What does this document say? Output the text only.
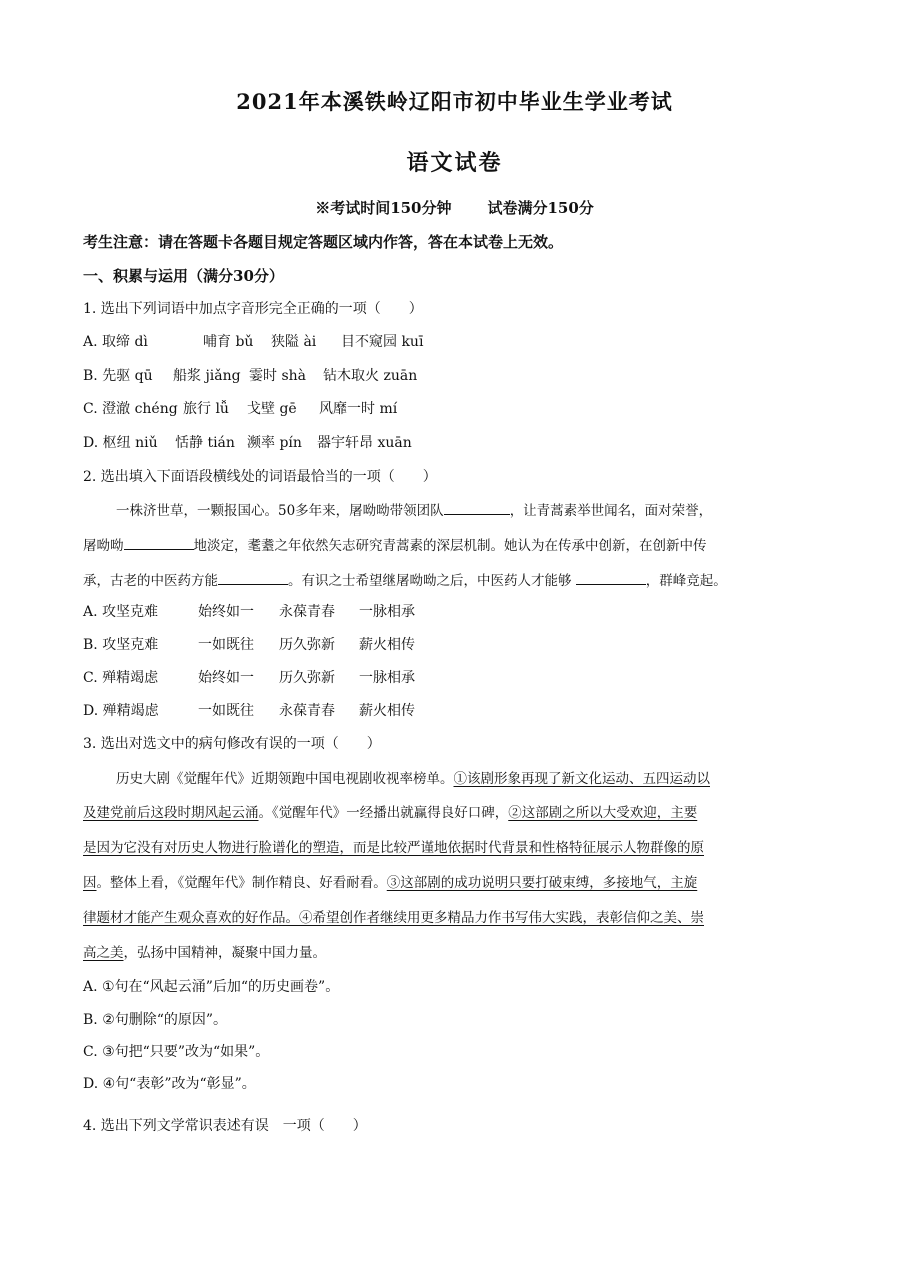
2021年本溪铁岭辽阳市初中毕业生学业考试
语文试卷
※考试时间150分钟 试卷满分150分
考生注意：请在答题卡各题目规定答题区域内作答，答在本试卷上无效。
一、积累与运用（满分30分）
1. 选出下列词语中加点字音形完全正确的一项（　　）
A. 取缔 dì	哺育 bǔ 狭隘 ài 目不窥园 kuī
B. 先驱 qū 船浆 jiǎng 霎时 shà 钻木取火 zuān
C. 澄澈 chéng 旅行 lǚ 戈壁 gē 风靡一时 mí
D. 枢纽 niǔ 恬静 tián 濒率 pín 器宇轩昂 xuān
2. 选出填入下面语段横线处的词语最恰当的一项（　　）
一株济世草，一颗报国心。50多年来，屠呦呦带领团队	，让青蒿素举世闻名，面对荣誉，
屠呦呦	地淡定，耄耋之年依然矢志研究青蒿素的深层机制。她认为在传承中创新，在创新中传
承，古老的中医药方能	。有识之士希望继屠呦呦之后，中医药人才能够	，群峰竞起。
A. 攻坚克难	始终如一 永葆青春 一脉相承
B. 攻坚克难	一如既往 历久弥新 薪火相传
C. 殚精竭虑	始终如一 历久弥新 一脉相承
D. 殚精竭虑	一如既往 永葆青春 薪火相传
3. 选出对选文中的病句修改有误的一项（　　）
历史大剧《觉醒年代》近期领跑中国电视剧收视率榜单。①该剧形象再现了新文化运动、五四运动以
及建党前后这段时期风起云涌。《觉醒年代》一经播出就赢得良好口碑，②这部剧之所以大受欢迎，主要
是因为它没有对历史人物进行脸谱化的塑造，而是比较严谨地依据时代背景和性格特征展示人物群像的原
因。整体上看，《觉醒年代》制作精良、好看耐看。③这部剧的成功说明只要打破束缚，多接地气，主旋
律题材才能产生观众喜欢的好作品。④希望创作者继续用更多精品力作书写伟大实践，表彰信仰之美、崇
高之美，弘扬中国精神，凝聚中国力量。
A. ①句在“风起云涌”后加“的历史画卷”。
B. ②句删除“的原因”。
C. ③句把“只要”改为“如果”。
D. ④句“表彰”改为“彰显”。
4. 选出下列文学常识表述有误　一项（　　）
